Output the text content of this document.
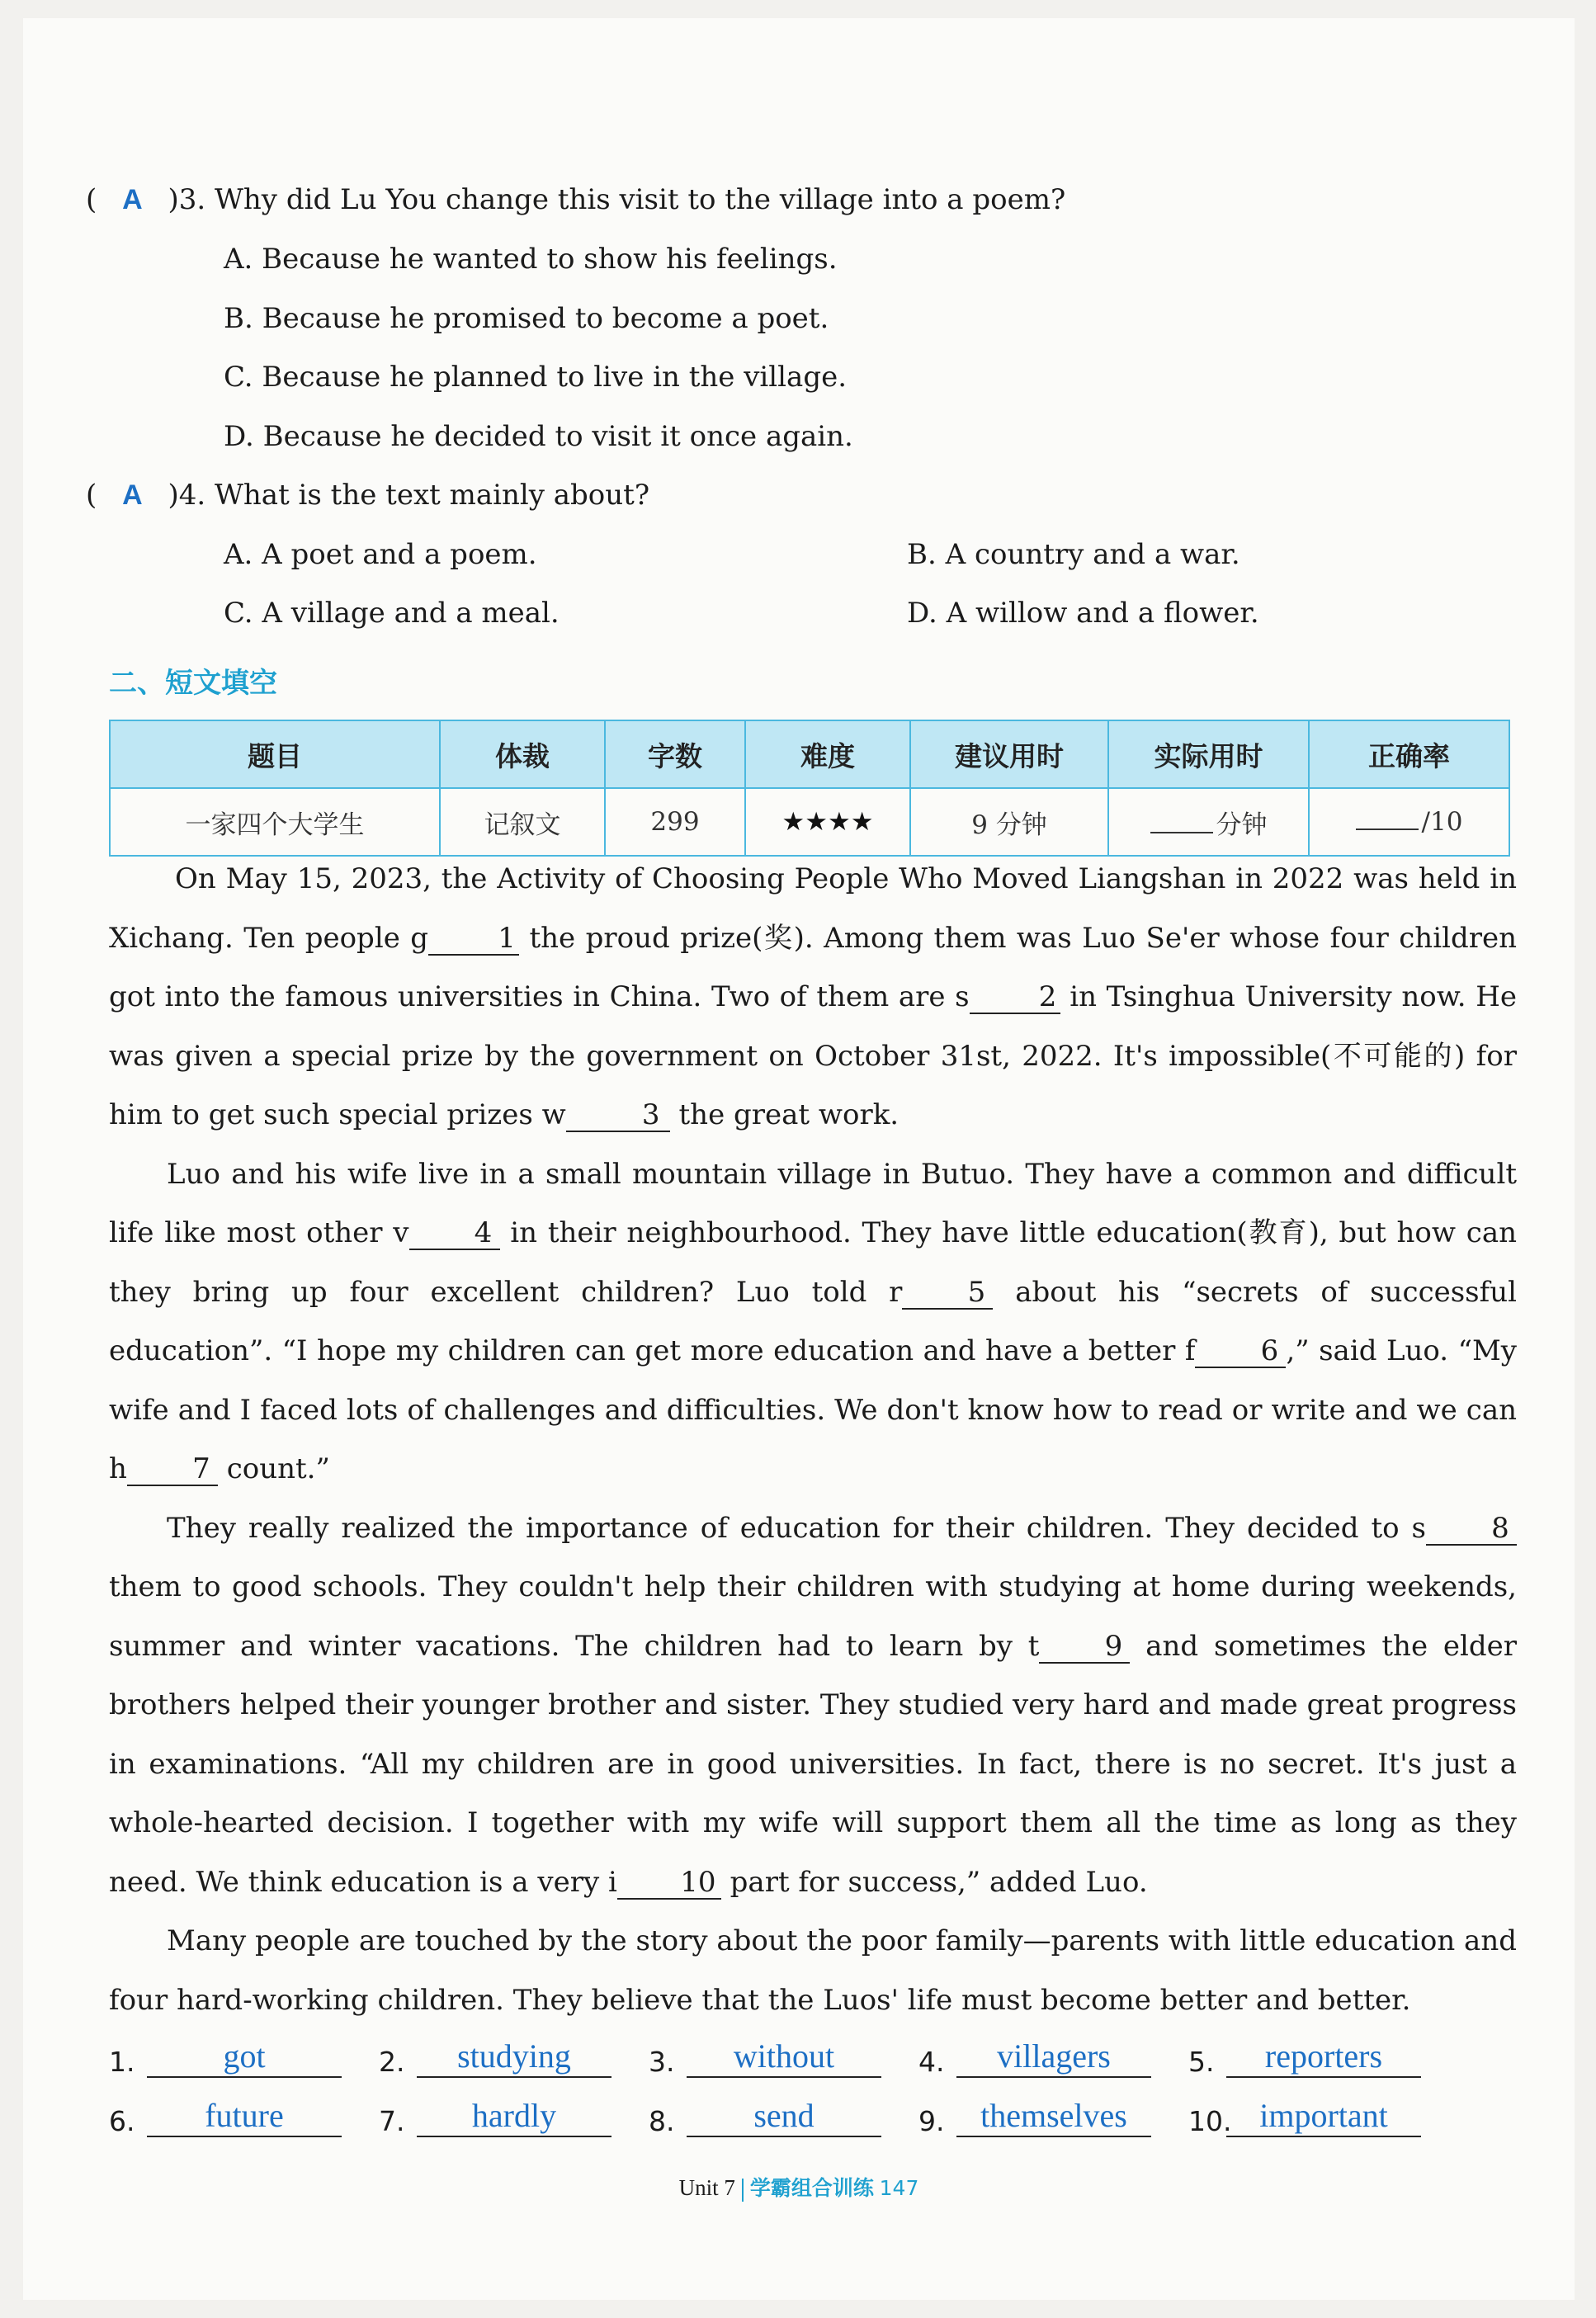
( A )3. Why did Lu You change this visit to the village into a poem?
A. Because he wanted to show his feelings.
B. Because he promised to become a poet.
C. Because he planned to live in the village.
D. Because he decided to visit it once again.
( A )4. What is the text mainly about?
A. A poet and a poem.	B. A country and a war.
C. A village and a meal.	D. A willow and a flower.
二、短文填空
题目	体裁	字数	难度	建议用时	实际用时	正确率
一家四个大学生	记叙文	299	★★★★	9 分钟	分钟	/10

On May 15, 2023, the Activity of Choosing People Who Moved Liangshan in 2022 was held in Xichang. Ten people g 1 the proud prize(奖). Among them was Luo Se'er whose four children got into the famous universities in China. Two of them are s 2 in Tsinghua University now. He was given a special prize by the government on October 31st, 2022. It's impossible(不可能的) for him to get such special prizes w	3 the great work.

Luo and his wife live in a small mountain village in Butuo. They have a common and difficult life like most other v 4 in their neighbourhood. They have little education(教育), but how can they bring up four excellent children? Luo told r 5 about his “secrets of successful education”. “I hope my children can get more education and have a better f 6 ,” said Luo. “My wife and I faced lots of challenges and difficulties. We don't know how to read or write and we can h 7 count.”

They really realized the importance of education for their children. They decided to s 8 them to good schools. They couldn't help their children with studying at home during weekends, summer and winter vacations. The children had to learn by t 9 and sometimes the elder brothers helped their younger brother and sister. They studied very hard and made great progress in examinations. “All my children are in good universities. In fact, there is no secret. It's just a whole-hearted decision. I together with my wife will support them all the time as long as they need. We think education is a very i 10 part for success,” added Luo.

Many people are touched by the story about the poor family—parents with little education and four hard-working children. They believe that the Luos' life must become better and better.

1.	got	2.	studying	3.	without	4.	villagers	5.	reporters
6.	future	7.	hardly	8.	send	9.	themselves	10. important
Unit 7 学霸组合训练 147
